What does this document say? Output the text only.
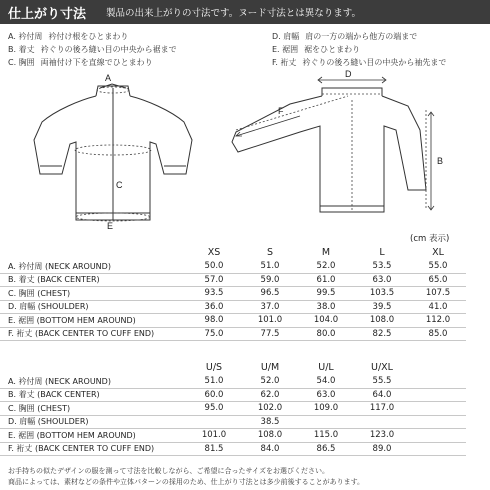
仕上がり寸法	製品の出来上がりの寸法です。ヌード寸法とは異なります。
A. 衿付周 衿付け根をひとまわり
B. 着丈 衿ぐりの後ろ縫い目の中央から裾まで
C. 胸囲 両袖付け下を直線でひとまわり
D. 肩幅 肩の一方の端から他方の端まで
E. 裾囲 裾をひとまわり
F. 裄丈 衿ぐりの後ろ縫い目の中央から袖先まで
A
C
E
D
B
F
(cm 表示)
	XS	S	M	L	XL
A. 衿付周 (NECK AROUND)	50.0	51.0	52.0	53.5	55.0
B. 着丈 (BACK CENTER)	57.0	59.0	61.0	63.0	65.0
C. 胸囲 (CHEST)	93.5	96.5	99.5	103.5	107.5
D. 肩幅 (SHOULDER)	36.0	37.0	38.0	39.5	41.0
E. 裾囲 (BOTTOM HEM AROUND)	98.0	101.0	104.0	108.0	112.0
F. 裄丈 (BACK CENTER TO CUFF END)	75.0	77.5	80.0	82.5	85.0
	U/S	U/M	U/L	U/XL	
A. 衿付周 (NECK AROUND)	51.0	52.0	54.0	55.5	
B. 着丈 (BACK CENTER)	60.0	62.0	63.0	64.0	
C. 胸囲 (CHEST)	95.0	102.0	109.0	117.0	
D. 肩幅 (SHOULDER)		38.5			
E. 裾囲 (BOTTOM HEM AROUND)	101.0	108.0	115.0	123.0	
F. 裄丈 (BACK CENTER TO CUFF END)	81.5	84.0	86.5	89.0	
お手持ちの似たデザインの服を測って寸法を比較しながら、ご希望に合ったサイズをお選びください。
商品によっては、素材などの条件や立体パターンの採用のため、仕上がり寸法とは多少前後することがあります。
